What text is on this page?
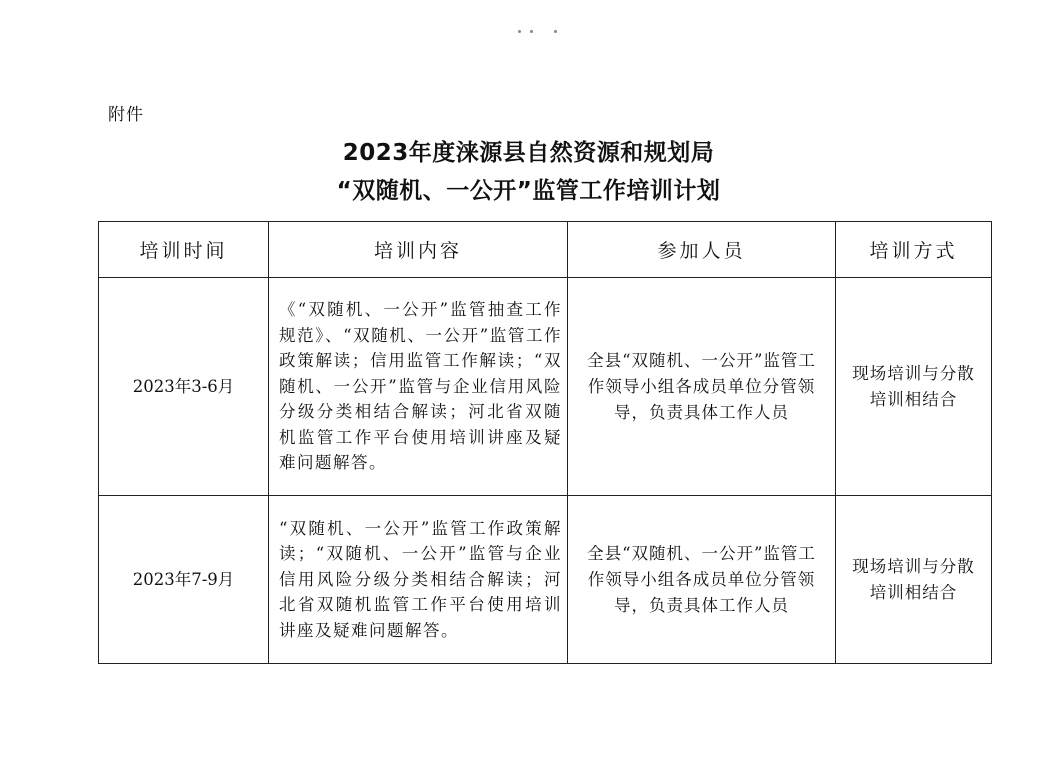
附件
2023年度涞源县自然资源和规划局
“双随机、一公开”监管工作培训计划
培训时间	培训内容	参加人员	培训方式
2023年3-6月	《“双随机、一公开”监管抽查工作规范》、“双随机、一公开”监管工作政策解读；信用监管工作解读；“双随机、一公开”监管与企业信用风险分级分类相结合解读；河北省双随机监管工作平台使用培训讲座及疑难问题解答。	全县“双随机、一公开”监管工作领导小组各成员单位分管领导，负责具体工作人员	现场培训与分散培训相结合
2023年7-9月	“双随机、一公开”监管工作政策解读；“双随机、一公开”监管与企业信用风险分级分类相结合解读；河北省双随机监管工作平台使用培训讲座及疑难问题解答。	全县“双随机、一公开”监管工作领导小组各成员单位分管领导，负责具体工作人员	现场培训与分散培训相结合
